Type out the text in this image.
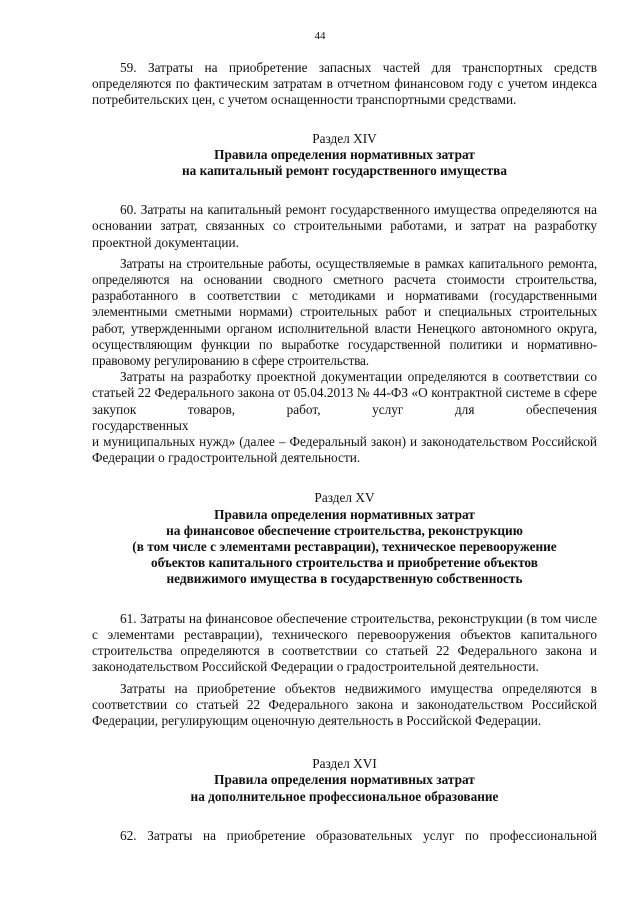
44

59. Затраты на приобретение запасных частей для транспортных средств определяются по фактическим затратам в отчетном финансовом году с учетом индекса потребительских цен, с учетом оснащенности транспортными средствами.

Раздел XIV
Правила определения нормативных затрат
на капитальный ремонт государственного имущества

60. Затраты на капитальный ремонт государственного имущества определяются на основании затрат, связанных со строительными работами, и затрат на разработку проектной документации.

Затраты на строительные работы, осуществляемые в рамках капитального ремонта, определяются на основании сводного сметного расчета стоимости строительства, разработанного в соответствии с методиками и нормативами (государственными элементными сметными нормами) строительных работ и специальных строительных работ, утвержденными органом исполнительной власти Ненецкого автономного округа, осуществляющим функции по выработке государственной политики и нормативно-правовому регулированию в сфере строительства.

Затраты на разработку проектной документации определяются в соответствии со статьей 22 Федерального закона от 05.04.2013 № 44-ФЗ «О контрактной системе в сфере закупок товаров, работ, услуг для обеспечения

государственных

и муниципальных нужд» (далее – Федеральный закон) и законодательством Российской Федерации о градостроительной деятельности.

Раздел XV
Правила определения нормативных затрат
на финансовое обеспечение строительства, реконструкцию
(в том числе с элементами реставрации), техническое перевооружение
объектов капитального строительства и приобретение объектов
недвижимого имущества в государственную собственность

61. Затраты на финансовое обеспечение строительства, реконструкции (в том числе с элементами реставрации), технического перевооружения объектов капитального строительства определяются в соответствии со статьей 22 Федерального закона и законодательством Российской Федерации о градостроительной деятельности.

Затраты на приобретение объектов недвижимого имущества определяются в соответствии со статьей 22 Федерального закона и законодательством Российской Федерации, регулирующим оценочную деятельность в Российской Федерации.

Раздел XVI
Правила определения нормативных затрат
на дополнительное профессиональное образование

62. Затраты на приобретение образовательных услуг по профессиональной
